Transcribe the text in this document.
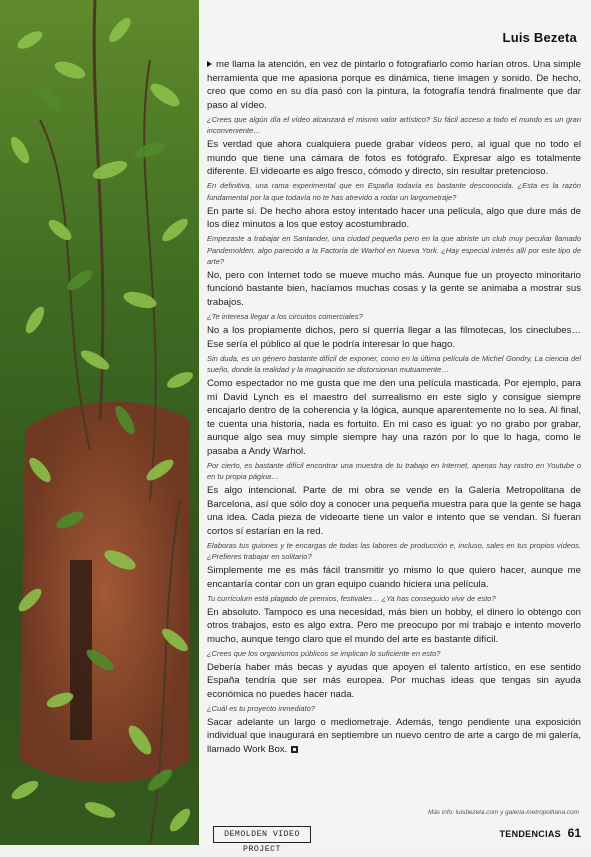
Luis Bezeta

me llama la atención, en vez de pintarlo o fotografiarlo como harían otros. Una simple herramienta que me apasiona porque es dinámica, tiene imagen y sonido. De hecho, creo que como en su día pasó con la pintura, la fotografía tendrá finalmente que dar paso al vídeo.

¿Crees que algún día el vídeo alcanzará el mismo valor artístico? Su fácil acceso a todo el mundo es un gran inconveniente…

Es verdad que ahora cualquiera puede grabar vídeos pero, al igual que no todo el mundo que tiene una cámara de fotos es fotógrafo. Expresar algo es totalmente diferente. El videoarte es algo fresco, cómodo y directo, sin resultar pretencioso.

En definitiva, una rama experimental que en España todavía es bastante desconocida. ¿Esta es la razón fundamental por la que todavía no te has atrevido a rodar un largometraje?

En parte sí. De hecho ahora estoy intentado hacer una película, algo que dure más de los diez minutos a los que estoy acostumbrado.

Empezaste a trabajar en Santander, una ciudad pequeña pero en la que abriste un club muy peculiar llamado Pandemolden, algo parecido a la Factoría de Warhol en Nueva York. ¿Hay especial interés allí por este tipo de arte?

No, pero con Internet todo se mueve mucho más. Aunque fue un proyecto minoritario funcionó bastante bien, hacíamos muchas cosas y la gente se animaba a mostrar sus trabajos.

¿Te interesa llegar a los circuitos comerciales?

No a los propiamente dichos, pero sí querría llegar a las filmotecas, los cineclubes… Ese sería el público al que le podría interesar lo que hago.

Sin duda, es un género bastante difícil de exponer, como en la última película de Michel Gondry, La ciencia del sueño, donde la realidad y la imaginación se distorsionan mutuamente…

Como espectador no me gusta que me den una película masticada. Por ejemplo, para mí David Lynch es el maestro del surrealismo en este siglo y consigue siempre encajarlo dentro de la coherencia y la lógica, aunque aparentemente no lo sea. Al final, te cuenta una historia, nada es fortuito. En mi caso es igual: yo no grabo por grabar, aunque algo sea muy simple siempre hay una razón por lo que lo haga, como le pasaba a Andy Warhol.

Por cierto, es bastante difícil encontrar una muestra de tu trabajo en Internet, apenas hay rastro en Youtube o en tu propia página…

Es algo intencional. Parte de mi obra se vende en la Galería Metropolitana de Barcelona, así que sólo doy a conocer una pequeña muestra para que la gente se haga una idea. Cada pieza de videoarte tiene un valor e intento que se vendan. Si fueran cortos sí estarían en la red.

Elaboras tus guiones y te encargas de todas las labores de producción e, incluso, sales en tus propios vídeos. ¿Prefieres trabajar en solitario?

Simplemente me es más fácil transmitir yo mismo lo que quiero hacer, aunque me encantaría contar con un gran equipo cuando hiciera una película.

Tu currículum está plagado de premios, festivales… ¿Ya has conseguido vivir de esto?

En absoluto. Tampoco es una necesidad, más bien un hobby, el dinero lo obtengo con otros trabajos, esto es algo extra. Pero me preocupo por mi trabajo e intento moverlo mucho, aunque tengo claro que el mundo del arte es bastante difícil.

¿Crees que los organismos públicos se implican lo suficiente en esto?

Debería haber más becas y ayudas que apoyen el talento artístico, en ese sentido España tendría que ser más europea. Por muchas ideas que tengas sin ayuda económica no puedes hacer nada.

¿Cuál es tu proyecto inmediato?

Sacar adelante un largo o mediometraje. Además, tengo pendiente una exposición individual que inaugurará en septiembre un nuevo centro de arte a cargo de mi galería, llamado Work Box.

Más info: luisbezeta.com y galeria-metropolitana.com
DEMOLDEN VIDEO PROJECT
TENDENCIAS 61
